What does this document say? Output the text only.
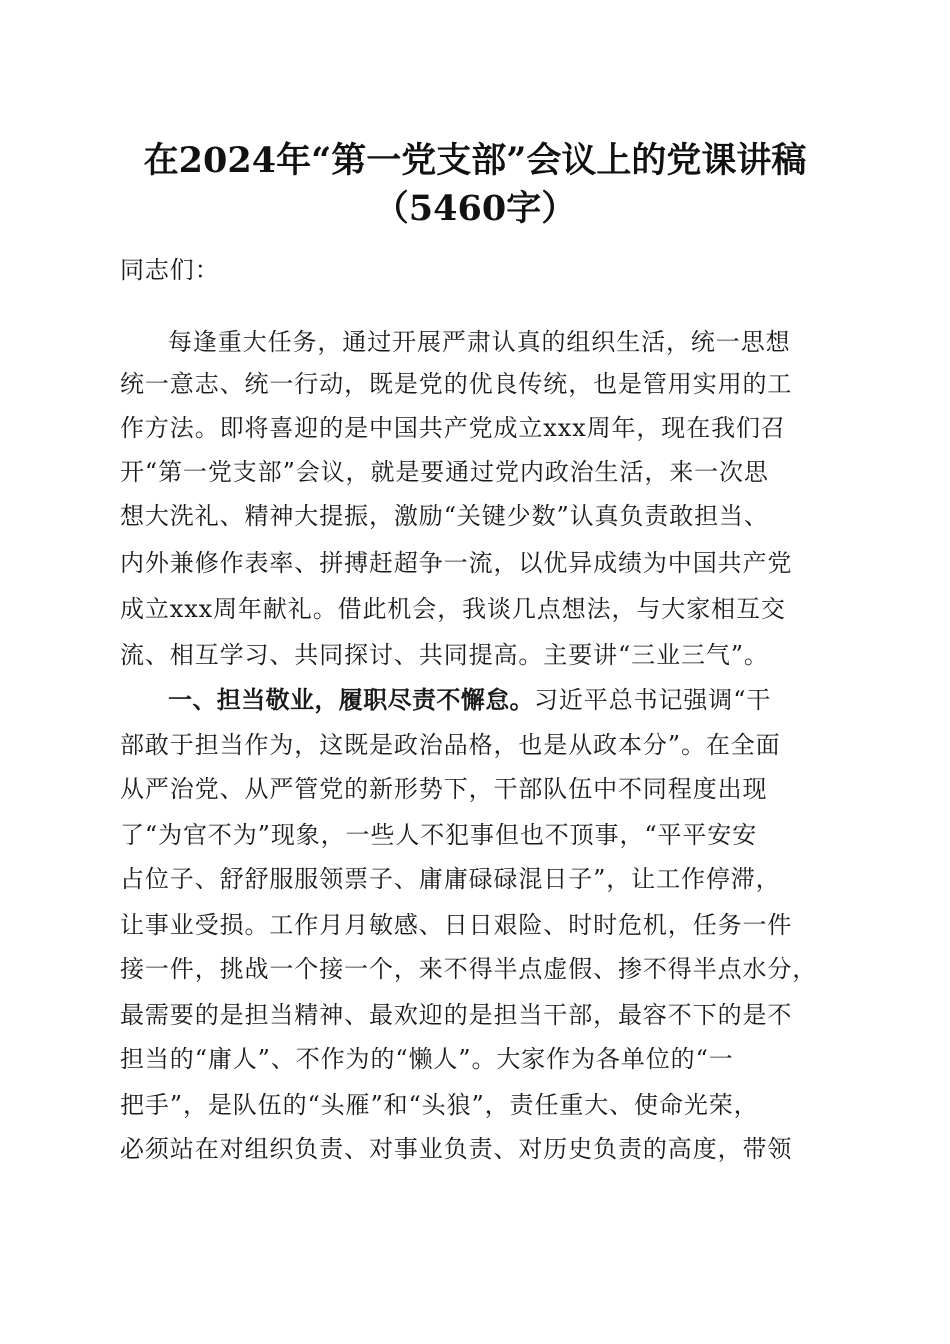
在2024年“第一党支部”会议上的党课讲稿
（5460字）
同志们：
每逢重大任务，通过开展严肃认真的组织生活，统一思想
统一意志、统一行动，既是党的优良传统，也是管用实用的工
作方法。即将喜迎的是中国共产党成立xxx周年，现在我们召
开“第一党支部”会议，就是要通过党内政治生活，来一次思
想大洗礼、精神大提振，激励“关键少数”认真负责敢担当、
内外兼修作表率、拼搏赶超争一流，以优异成绩为中国共产党
成立xxx周年献礼。借此机会，我谈几点想法，与大家相互交
流、相互学习、共同探讨、共同提高。主要讲“三业三气”。
一、担当敬业，履职尽责不懈怠。习近平总书记强调“干
部敢于担当作为，这既是政治品格，也是从政本分”。在全面
从严治党、从严管党的新形势下，干部队伍中不同程度出现
了“为官不为”现象，一些人不犯事但也不顶事，“平平安安
占位子、舒舒服服领票子、庸庸碌碌混日子”，让工作停滞，
让事业受损。工作月月敏感、日日艰险、时时危机，任务一件
接一件，挑战一个接一个，来不得半点虚假、掺不得半点水分，
最需要的是担当精神、最欢迎的是担当干部，最容不下的是不
担当的“庸人”、不作为的“懒人”。大家作为各单位的“一
把手”，是队伍的“头雁”和“头狼”，责任重大、使命光荣，
必须站在对组织负责、对事业负责、对历史负责的高度，带领
